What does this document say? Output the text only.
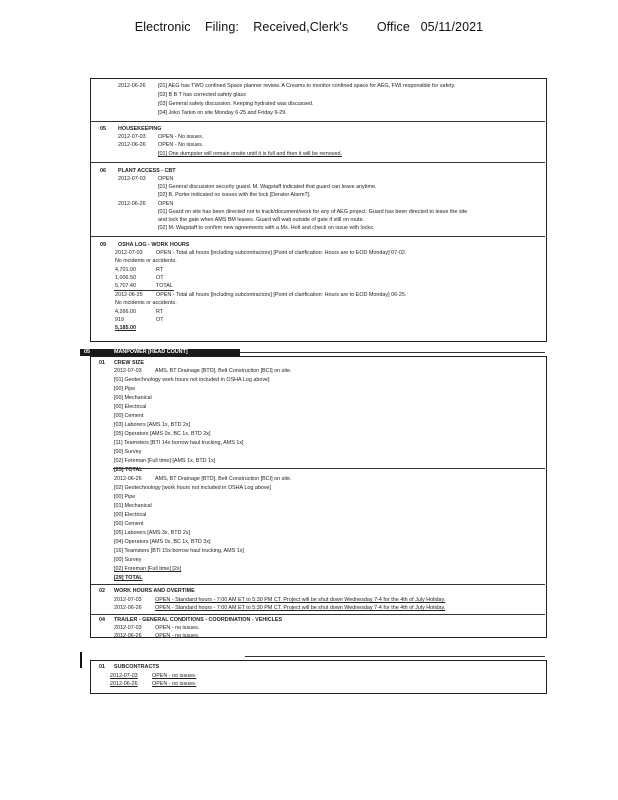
Electronic    Filing:    Received,Clerk's        Office   05/11/2021
2012-06-26 [01] AEG has TWO confined Space planner review. A Creams to monitor confined space for AEG, FWI responsible for safety.
[02] B B T has corrected safety glass
[03] General safety discussion. Keeping hydrated was discussed.
[04] Joko Tarkin on site Monday 6-25 and Friday 6-29.
05 HOUSEKEEPING
2012-07-03 OPEN - No issues.
2012-06-26 OPEN - No issues.
[01] One dumpster will remain onsite until it is full and then it will be removed.
06 PLANT ACCESS - CBT
2012-07-03 OPEN
[01] General discussion security guard. M. Wagstaff indicated that guard can leave anytime.
[02] B. Porter indicated no issues with the lock [Derator Alarm?].
2012-06-26 OPEN
[01] Guard on site has been directed not to track/document/work for any of AEG project. Guard has been directed to leave the site
and lock the gate when AMS BM leaves. Guard will wait outside of gate if still on route.
[02] M. Wagstaff to confirm new agreements with a Ms. Holt and check on issue with locks.
09 OSHA LOG - WORK HOURS
2012-07-03 OPEN - Total all hours [including subcontractors] [Point of clarification: Hours are to EOD Monday] 07-02.
No incidents or accidents.
4,701.00	RT
1,006.50	OT
5,707.40	TOTAL
2012-06-25 OPEN - Total all hours [including subcontractors] [Point of clarification: Hours are to EOD Monday] 06-25.
No incidents or accidents.
4,266.00	RT
919	OT
5,185.00
05	MANPOWER [HEAD COUNT]
01 CREW SIZE
2012-07-03 AMS, BT Drainage [BTD], Belt Construction [BCI] on site.
[01] Geotechnology work hours not included in OSHA Log above]
[00] Pipe
[00] Mechanical
[00] Electrical
[00] Cement
[03] Laborers [AMS 1x, BTD 2x]
[05] Operators [AMS 0x, BC 1x, BTD 2x]
[11] Teamsters [BTI 14x borrow haul trucking, AMS 1x]
[00] Survey
[02] Foreman [Full time] [AMS 1x, BTD 1x]
[25] TOTAL
2012-06-26 AMS, BT Drainage [BTD], Belt Construction [BCI] on site.
[02] Geotechnology [work hours not included in OSHA Log above]
[00] Pipe
[01] Mechanical
[00] Electrical
[00] Cement
[05] Laborers [AMS 3x, BTD 2x]
[04] Operators [AMS 0x, BC 1x, BTD 3x]
[16] Teamsters [BTI 15x borrow haul trucking, AMS 1x]
[00] Survey
[02] Foreman [Full time] [2x]
[29] TOTAL
02 WORK HOURS AND OVERTIME
2012-07-03 OPEN - Standard hours - 7:00 AM ET to 5:30 PM CT. Project will be shut down Wednesday 7-4 for the 4th of July Holiday.
2012-06-26 OPEN - Standard hours - 7:00 AM ET to 5:30 PM CT. Project will be shut down Wednesday 7-4 for the 4th of July Holiday.
04 TRAILER - GENERAL CONDITIONS - COORDINATION - VEHICLES
2012-07-03 OPEN - no issues.
2012-06-26 OPEN - no issues.
01 SUBCONTRACTS
2012-07-03	OPEN - no issues.
2012-06-26	OPEN - no issues.
